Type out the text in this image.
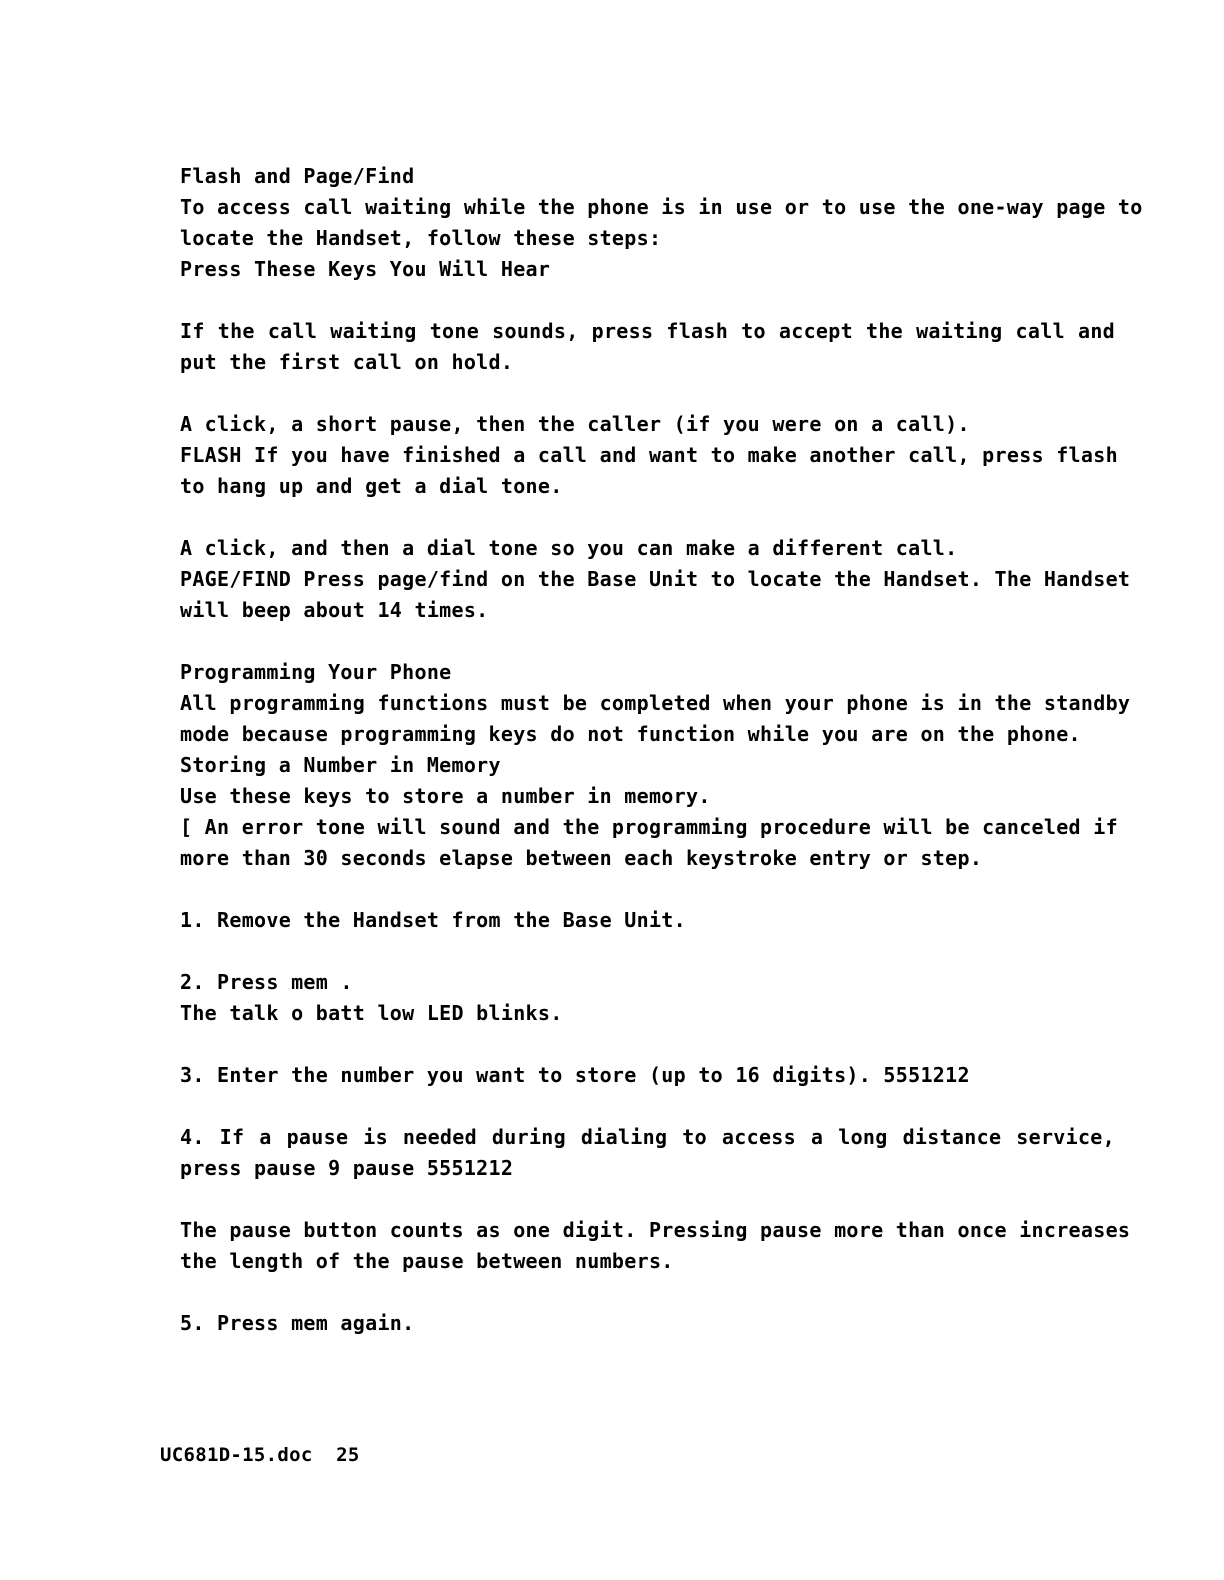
Flash and Page/Find
To access call waiting while the phone is in use or to use the one-way page to
locate the Handset, follow these steps:
Press These Keys You Will Hear
If the call waiting tone sounds, press flash to accept the waiting call and
put the first call on hold.
A click, a short pause, then the caller (if you were on a call).
FLASH If you have finished a call and want to make another call, press flash
to hang up and get a dial tone.
A click, and then a dial tone so you can make a different call.
PAGE/FIND Press page/find on the Base Unit to locate the Handset. The Handset
will beep about 14 times.
Programming Your Phone
All programming functions must be completed when your phone is in the standby
mode because programming keys do not function while you are on the phone.
Storing a Number in Memory
Use these keys to store a number in memory.
[ An error tone will sound and the programming procedure will be canceled if
more than 30 seconds elapse between each keystroke entry or step.
1. Remove the Handset from the Base Unit.
2. Press mem .
The talk o batt low LED blinks.
3. Enter the number you want to store (up to 16 digits). 5551212
4. If a pause is needed during dialing to access a long distance service,
press pause 9 pause 5551212
The pause button counts as one digit. Pressing pause more than once increases
the length of the pause between numbers.
5. Press mem again.
UC681D-15.doc  25
